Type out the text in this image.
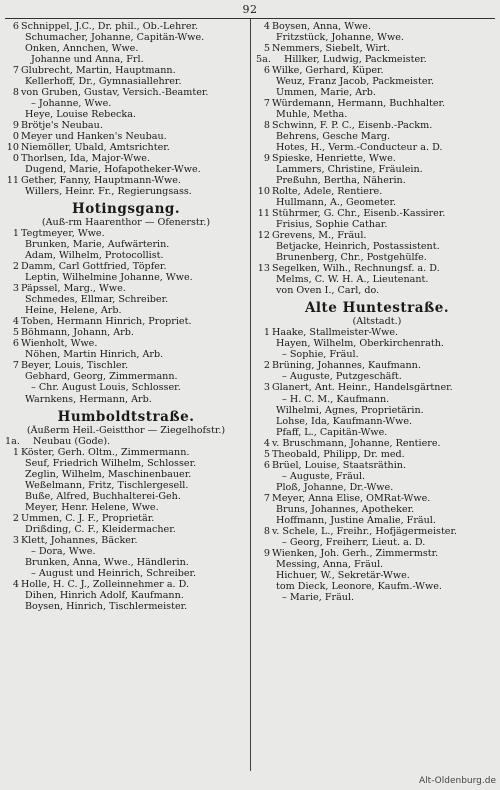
92
6 Schnippel, J.C., Dr. phil., Ob.-Lehrer.
Schumacher, Johanne, Capitän-Wwe.
Onken, Annchen, Wwe.
Johanne und Anna, Frl.
7 Glubrecht, Martin, Hauptmann.
Kellerhoff, Dr., Gymnasiallehrer.
8 von Gruben, Gustav, Versich.-Beamter.
– Johanne, Wwe.
Heye, Louise Rebecka.
9 Brötje's Neubau.
0 Meyer und Hanken's Neubau.
10 Niemöller, Ubald, Amtsrichter.
0 Thorlsen, Ida, Major-Wwe.
Dugend, Marie, Hofapotheker-Wwe.
11 Gether, Fanny, Hauptmann-Wwe.
Willers, Heinr. Fr., Regierungsass.
Hotingsgang.
(Auß-rm Haarenthor — Ofenerstr.)
1 Tegtmeyer, Wwe.
Brunken, Marie, Aufwärterin.
Adam, Wilhelm, Protocollist.
2 Damm, Carl Gottfried, Töpfer.
Leptin, Wilhelmine Johanne, Wwe.
3 Päpssel, Marg., Wwe.
Schmedes, Ellmar, Schreiber.
Heine, Helene, Arb.
4 Toben, Hermann Hinrich, Propriet.
5 Böhmann, Johann, Arb.
6 Wienholt, Wwe.
Nöhen, Martin Hinrich, Arb.
7 Beyer, Louis, Tischler.
Gebhard, Georg, Zimmermann.
– Chr. August Louis, Schlosser.
Warnkens, Hermann, Arb.
Humboldtstraße.
(Äußerm Heil.-Geistthor — Ziegelhofstr.)
1a. Neubau (Gode).
1 Köster, Gerh. Oltm., Zimmermann.
Seuf, Friedrich Wilhelm, Schlosser.
Zeglin, Wilhelm, Maschinenbauer.
Weßelmann, Fritz, Tischlergesell.
Buße, Alfred, Buchhalterei-Geh.
Meyer, Henr. Helene, Wwe.
2 Ummen, C. J. F., Proprietär.
Drißding, C. F., Kleidermacher.
3 Klett, Johannes, Bäcker.
– Dora, Wwe.
Brunken, Anna, Wwe., Händlerin.
– August und Heinrich, Schreiber.
4 Holle, H. C. J., Zolleinnehmer a. D.
Dihen, Hinrich Adolf, Kaufmann.
Boysen, Hinrich, Tischlermeister.
4 Boysen, Anna, Wwe.
Fritzstück, Johanne, Wwe.
5 Nemmers, Siebelt, Wirt.
5a. Hillker, Ludwig, Packmeister.
6 Wilke, Gerhard, Küper.
Weuz, Franz Jacob, Packmeister.
Ummen, Marie, Arb.
7 Würdemann, Hermann, Buchhalter.
Muhle, Metha.
8 Schwinn, F. P. C., Eisenb.-Packm.
Behrens, Gesche Marg.
Hotes, H., Verm.-Conducteur a. D.
9 Spieske, Henriette, Wwe.
Lammers, Christine, Fräulein.
Preßuhn, Bertha, Näherin.
10 Rolte, Adele, Rentiere.
Hullmann, A., Geometer.
11 Stührmer, G. Chr., Eisenb.-Kassirer.
Frisius, Sophie Cathar.
12 Grevens, M., Fräul.
Betjacke, Heinrich, Postassistent.
Brunenberg, Chr., Postgehülfe.
13 Segelken, Wilh., Rechnungsf. a. D.
Melms, C. W. H. A., Lieutenant.
von Oven I., Carl, do.
Alte Huntestraße.
(Altstadt.)
1 Haake, Stallmeister-Wwe.
Hayen, Wilhelm, Oberkirchenrath.
– Sophie, Fräul.
2 Brüning, Johannes, Kaufmann.
– Auguste, Putzgeschäft.
3 Glanert, Ant. Heinr., Handelsgärtner.
– H. C. M., Kaufmann.
Wilhelmi, Agnes, Proprietärin.
Lohse, Ida, Kaufmann-Wwe.
Pfaff, L., Capitän-Wwe.
4 v. Bruschmann, Johanne, Rentiere.
5 Theobald, Philipp, Dr. med.
6 Brüel, Louise, Staatsräthin.
– Auguste, Fräul.
Ploß, Johanne, Dr.-Wwe.
7 Meyer, Anna Elise, OMRat-Wwe.
Bruns, Johannes, Apotheker.
Hoffmann, Justine Amalie, Fräul.
8 v. Schele, L., Freihr., Hofjägermeister.
– Georg, Freiherr, Lieut. a. D.
9 Wienken, Joh. Gerh., Zimmermstr.
Messing, Anna, Fräul.
Hichuer, W., Sekretär-Wwe.
tom Dieck, Leonore, Kaufm.-Wwe.
– Marie, Fräul.
Alt-Oldenburg.de
